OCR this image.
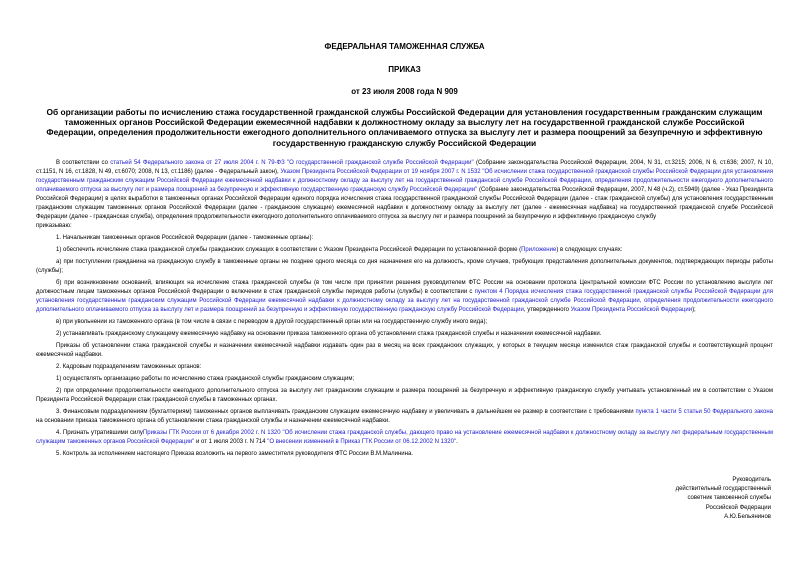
ФЕДЕРАЛЬНАЯ ТАМОЖЕННАЯ СЛУЖБА
ПРИКАЗ
от 23 июля 2008 года N 909
Об организации работы по исчислению стажа государственной гражданской службы Российской Федерации для установления государственным гражданским служащим таможенных органов Российской Федерации ежемесячной надбавки к должностному окладу за выслугу лет на государственной гражданской службе Российской Федерации, определения продолжительности ежегодного дополнительного оплачиваемого отпуска за выслугу лет и размера поощрений за безупречную и эффективную государственную гражданскую службу Российской Федерации

В соответствии со статьей 54 Федерального закона от 27 июля 2004 г. N 79-ФЗ "О государственной гражданской службе Российской Федерации" (Собрание законодательства Российской Федерации, 2004, N 31, ст.3215; 2006, N 6, ст.636; 2007, N 10, ст.1151, N 16, ст.1828, N 49, ст.6070; 2008, N 13, ст.1186) (далее - Федеральный закон), Указом Президента Российской Федерации от 19 ноября 2007 г. N 1532 "Об исчислении стажа государственной гражданской службы Российской Федерации для установления государственным гражданским служащим Российской Федерации ежемесячной надбавки к должностному окладу за выслугу лет на государственной гражданской службе Российской Федерации, определения продолжительности ежегодного дополнительного оплачиваемого отпуска за выслугу лет и размера поощрений за безупречную и эффективную государственную гражданскую службу Российской Федерации" (Собрание законодательства Российской Федерации, 2007, N 48 (ч.2), ст.5949) (далее - Указ Президента Российской Федерации) в целях выработки в таможенных органах Российской Федерации единого порядка исчисления стажа государственной гражданской службы Российской Федерации (далее - стаж гражданской службы) для установления государственным гражданским служащим таможенных органов Российской Федерации (далее - гражданские служащие) ежемесячной надбавки к должностному окладу за выслугу лет (далее - ежемесячная надбавка) на государственной гражданской службе Российской Федерации (далее - гражданская служба), определения продолжительности ежегодного дополнительного оплачиваемого отпуска за выслугу лет и размера поощрений за безупречную и эффективную гражданскую службу

приказываю:

1. Начальникам таможенных органов Российской Федерации (далее - таможенные органы):

1) обеспечить исчисление стажа гражданской службы гражданских служащих в соответствии с Указом Президента Российской Федерации по установленной форме (Приложение) в следующих случаях:

а) при поступлении гражданина на гражданскую службу в таможенные органы не позднее одного месяца со дня назначения его на должность, кроме случаев, требующих представления дополнительных документов, подтверждающих периоды работы (службы);

б) при возникновении оснований, влияющих на исчисление стажа гражданской службы (в том числе при принятии решения руководителем ФТС России на основании протокола Центральной комиссии ФТС России по установлению выслуги лет должностным лицам таможенных органов Российской Федерации о включении в стаж гражданской службы периодов работы (службы) в соответствии с пунктом 4 Порядка исчисления стажа государственной гражданской службы Российской Федерации для установления государственным гражданским служащим Российской Федерации ежемесячной надбавки к должностному окладу за выслугу лет на государственной гражданской службе Российской Федерации, определения продолжительности ежегодного дополнительного оплачиваемого отпуска за выслугу лет и размера поощрений за безупречную и эффективную государственную гражданскую службу Российской Федерации, утвержденного Указом Президента Российской Федерации);

в) при увольнении из таможенного органа (в том числе в связи с переводом в другой государственный орган или на государственную службу иного вида);

2) устанавливать гражданскому служащему ежемесячную надбавку на основании приказа таможенного органа об установлении стажа гражданской службы и назначении ежемесячной надбавки.

Приказы об установлении стажа гражданской службы и назначении ежемесячной надбавки издавать один раз в месяц на всех гражданских служащих, у которых в текущем месяце изменился стаж гражданской службы и соответствующий процент ежемесячной надбавки.

2. Кадровым подразделениям таможенных органов:

1) осуществлять организацию работы по исчислению стажа гражданской службы гражданским служащим;

2) при определении продолжительности ежегодного дополнительного отпуска за выслугу лет гражданским служащим и размера поощрений за безупречную и эффективную гражданскую службу учитывать установленный им в соответствии с Указом Президента Российской Федерации стаж гражданской службы в таможенных органах.

3. Финансовым подразделениям (бухгалтериям) таможенных органов выплачивать гражданским служащим ежемесячную надбавку и увеличивать в дальнейшем ее размер в соответствии с требованиями пункта 1 части 5 статьи 50 Федерального закона на основании приказа таможенного органа об установлении стажа гражданской службы и назначении ежемесячной надбавки.

4. Признать утратившими силуПриказы ГТК России от 6 декабря 2002 г. N 1320 "Об исчислении стажа гражданской службы, дающего право на установление ежемесячной надбавки к должностному окладу за выслугу лет федеральным государственным служащим таможенных органов Российской Федерации" и от 1 июля 2003 г. N 714 "О внесении изменений в Приказ ГТК России от 06.12.2002 N 1320".

5. Контроль за исполнением настоящего Приказа возложить на первого заместителя руководителя ФТС России В.М.Малинина.

Руководитель
действительный государственный
советник таможенной службы
Российской Федерации
А.Ю.Бельянинов
